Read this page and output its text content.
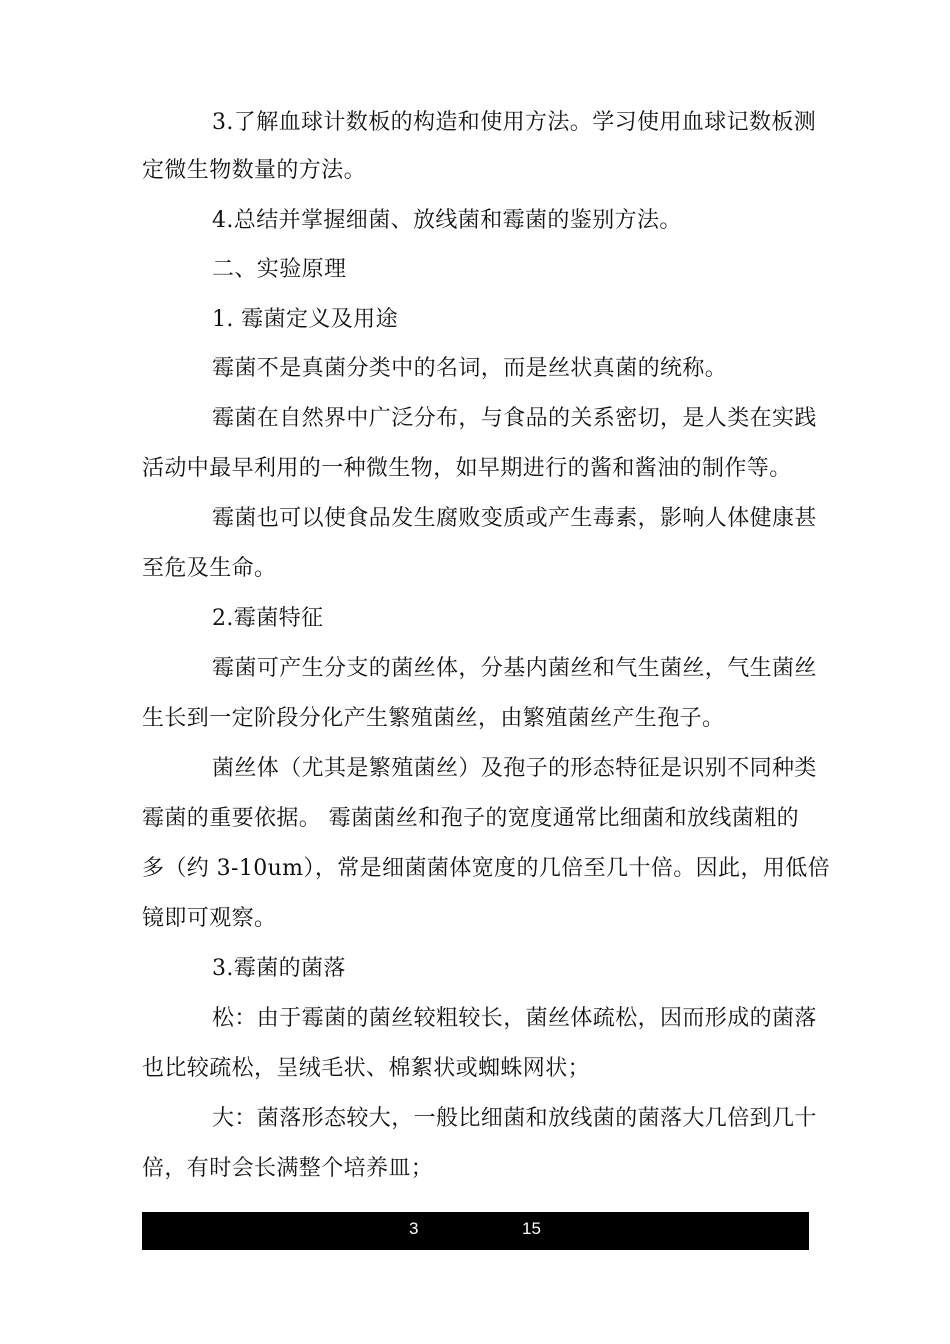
3.了解血球计数板的构造和使用方法。学习使用血球记数板测
定微生物数量的方法。
4.总结并掌握细菌、放线菌和霉菌的鉴别方法。
二、实验原理
1. 霉菌定义及用途
霉菌不是真菌分类中的名词，而是丝状真菌的统称。
霉菌在自然界中广泛分布，与食品的关系密切，是人类在实践
活动中最早利用的一种微生物，如早期进行的酱和酱油的制作等。
霉菌也可以使食品发生腐败变质或产生毒素，影响人体健康甚
至危及生命。
2.霉菌特征
霉菌可产生分支的菌丝体，分基内菌丝和气生菌丝，气生菌丝
生长到一定阶段分化产生繁殖菌丝，由繁殖菌丝产生孢子。
菌丝体（尤其是繁殖菌丝）及孢子的形态特征是识别不同种类
霉菌的重要依据。 霉菌菌丝和孢子的宽度通常比细菌和放线菌粗的
多（约 3-10um），常是细菌菌体宽度的几倍至几十倍。因此，用低倍
镜即可观察。
3.霉菌的菌落
松：由于霉菌的菌丝较粗较长，菌丝体疏松，因而形成的菌落
也比较疏松，呈绒毛状、棉絮状或蜘蛛网状；
大：菌落形态较大，一般比细菌和放线菌的菌落大几倍到几十
倍，有时会长满整个培养皿；
3	15
